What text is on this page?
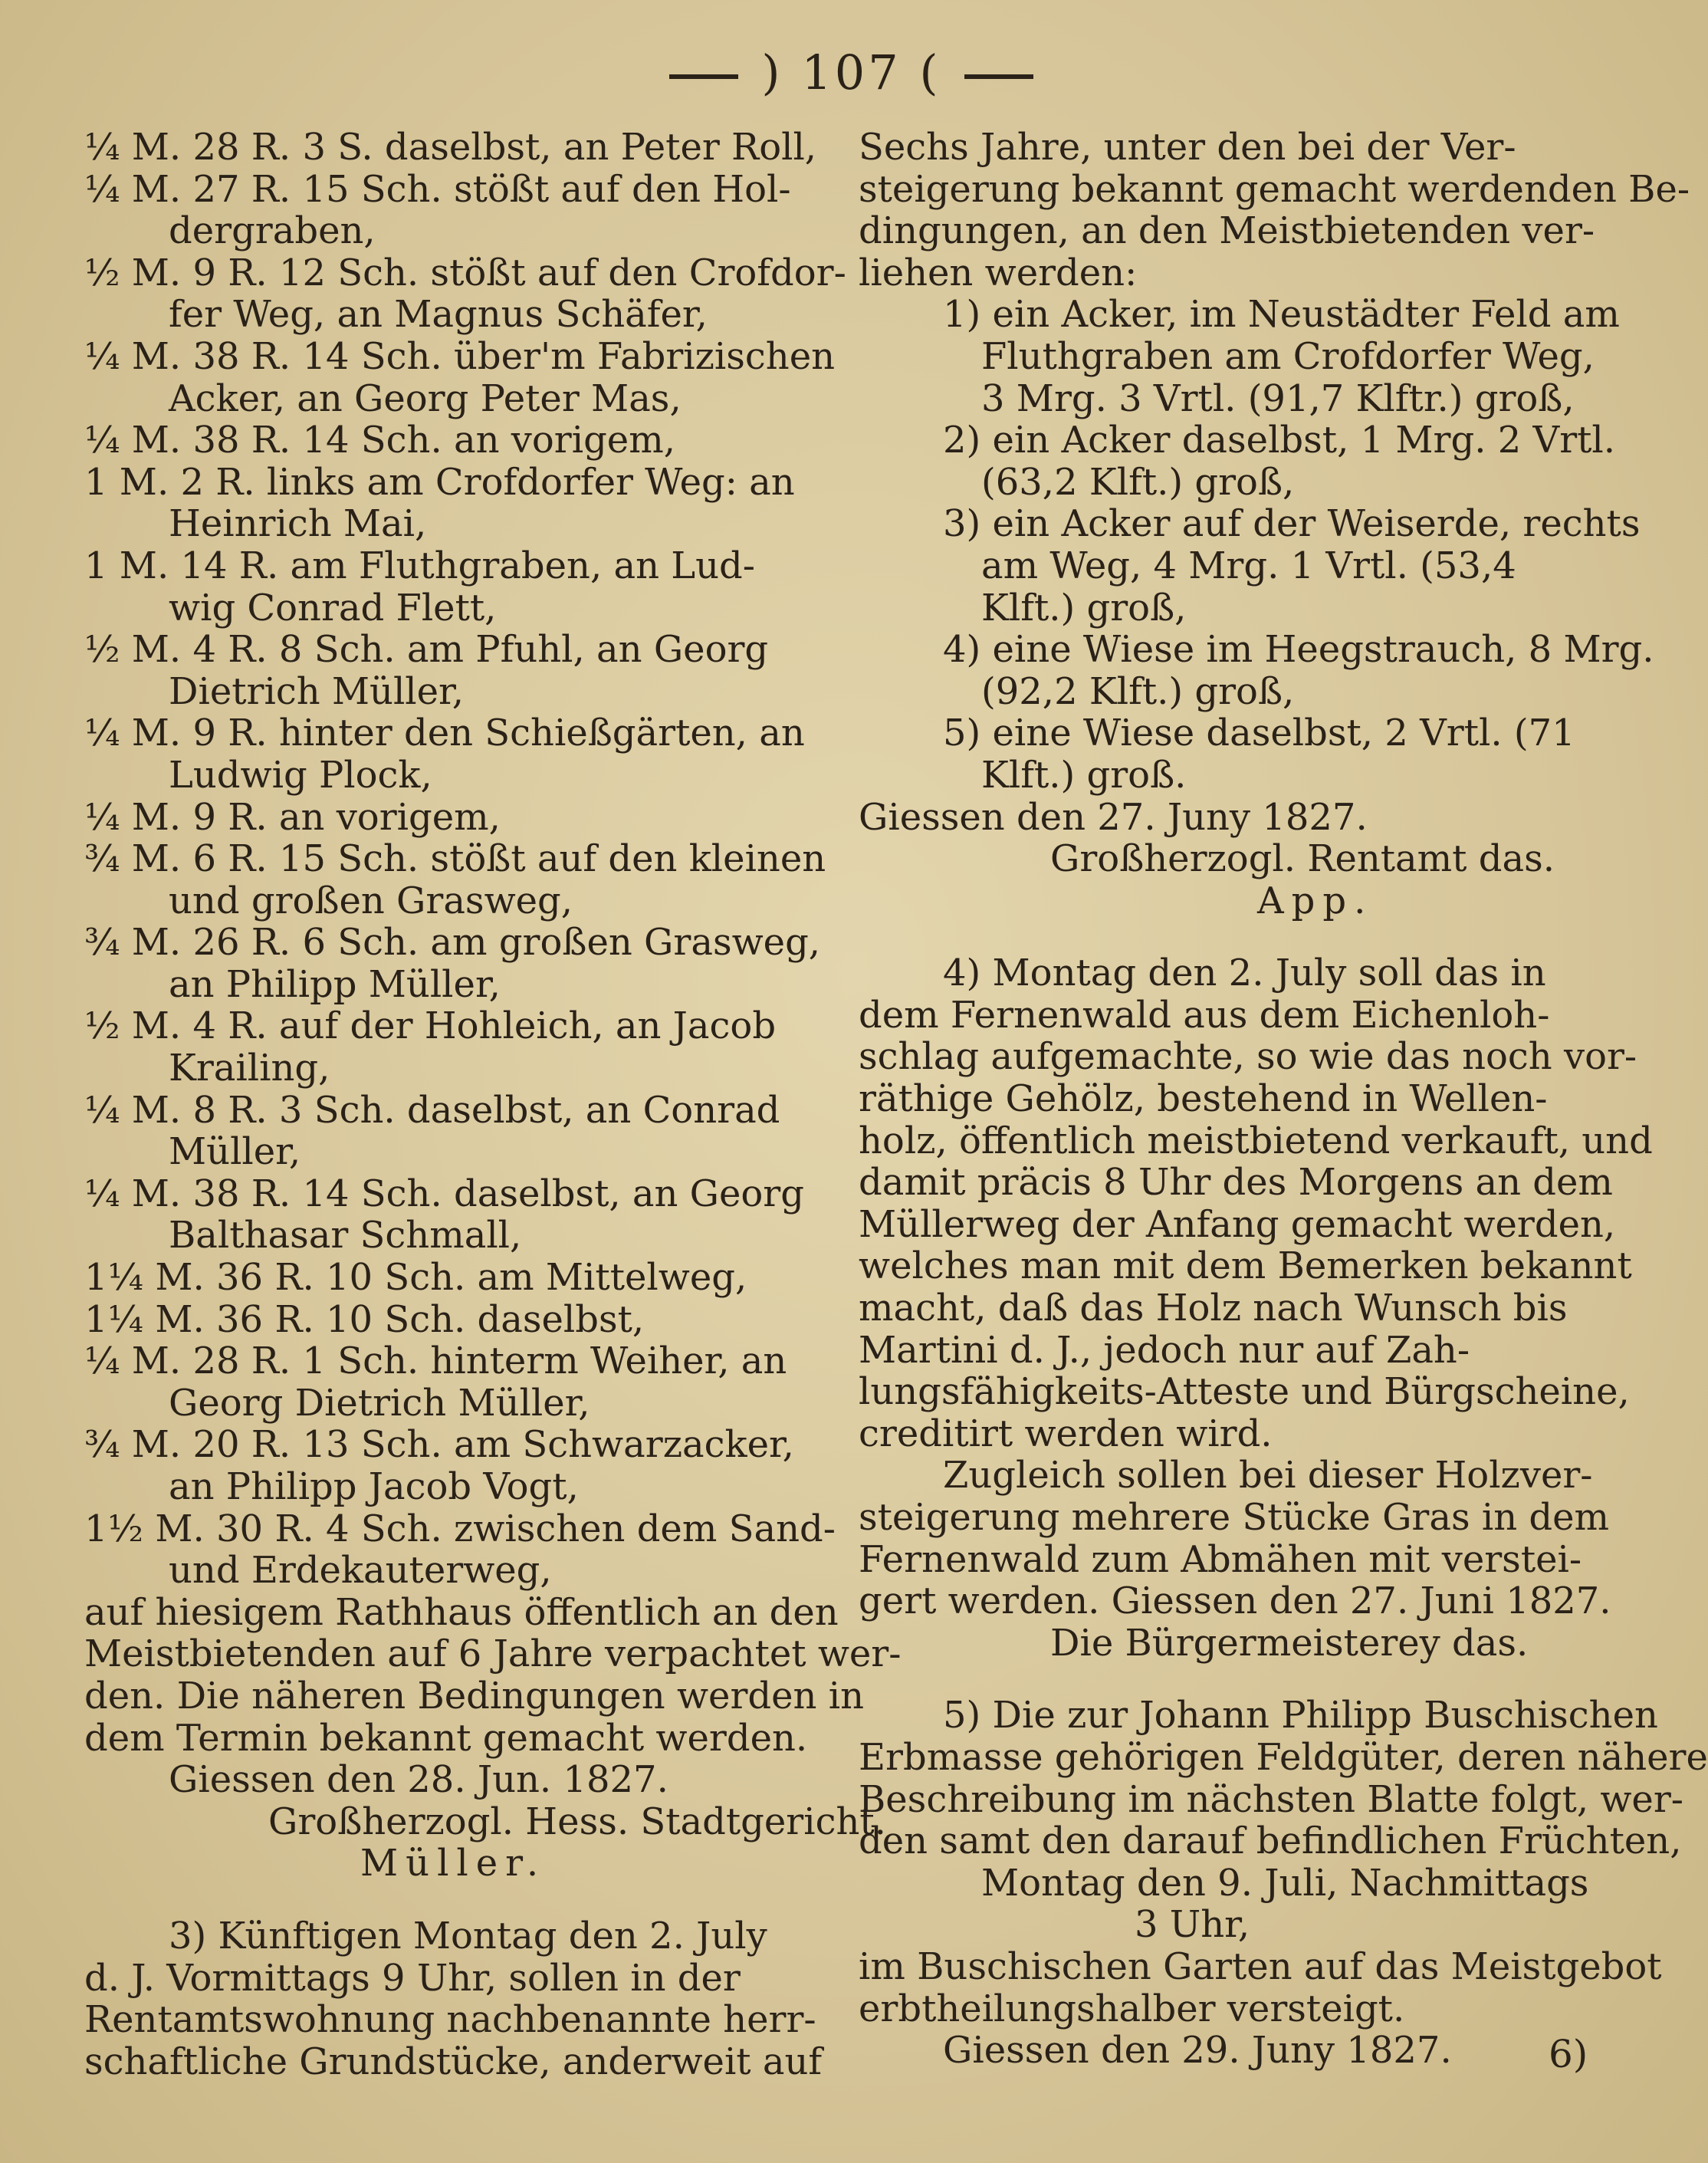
) 107 (
¼ M. 28 R. 3 S. daselbst, an Peter Roll,
¼ M. 27 R. 15 Sch. stößt auf den Hol-
dergraben,
½ M. 9 R. 12 Sch. stößt auf den Crofdor-
fer Weg, an Magnus Schäfer,
¼ M. 38 R. 14 Sch. über'm Fabrizischen
Acker, an Georg Peter Mas,
¼ M. 38 R. 14 Sch. an vorigem,
1 M. 2 R. links am Crofdorfer Weg: an
Heinrich Mai,
1 M. 14 R. am Fluthgraben, an Lud-
wig Conrad Flett,
½ M. 4 R. 8 Sch. am Pfuhl, an Georg
Dietrich Müller,
¼ M. 9 R. hinter den Schießgärten, an
Ludwig Plock,
¼ M. 9 R. an vorigem,
¾ M. 6 R. 15 Sch. stößt auf den kleinen
und großen Grasweg,
¾ M. 26 R. 6 Sch. am großen Grasweg,
an Philipp Müller,
½ M. 4 R. auf der Hohleich, an Jacob
Krailing,
¼ M. 8 R. 3 Sch. daselbst, an Conrad
Müller,
¼ M. 38 R. 14 Sch. daselbst, an Georg
Balthasar Schmall,
1¼ M. 36 R. 10 Sch. am Mittelweg,
1¼ M. 36 R. 10 Sch. daselbst,
¼ M. 28 R. 1 Sch. hinterm Weiher, an
Georg Dietrich Müller,
¾ M. 20 R. 13 Sch. am Schwarzacker,
an Philipp Jacob Vogt,
1½ M. 30 R. 4 Sch. zwischen dem Sand-
und Erdekauterweg,
auf hiesigem Rathhaus öffentlich an den
Meistbietenden auf 6 Jahre verpachtet wer-
den. Die näheren Bedingungen werden in
dem Termin bekannt gemacht werden.
Giessen den 28. Jun. 1827.
Großherzogl. Hess. Stadtgericht.
Müller.
3) Künftigen Montag den 2. July
d. J. Vormittags 9 Uhr, sollen in der
Rentamtswohnung nachbenannte herr-
schaftliche Grundstücke, anderweit auf
Sechs Jahre, unter den bei der Ver-
steigerung bekannt gemacht werdenden Be-
dingungen, an den Meistbietenden ver-
liehen werden:
1) ein Acker, im Neustädter Feld am
Fluthgraben am Crofdorfer Weg,
3 Mrg. 3 Vrtl. (91,7 Klftr.) groß,
2) ein Acker daselbst, 1 Mrg. 2 Vrtl.
(63,2 Klft.) groß,
3) ein Acker auf der Weiserde, rechts
am Weg, 4 Mrg. 1 Vrtl. (53,4
Klft.) groß,
4) eine Wiese im Heegstrauch, 8 Mrg.
(92,2 Klft.) groß,
5) eine Wiese daselbst, 2 Vrtl. (71
Klft.) groß.
Giessen den 27. Juny 1827.
Großherzogl. Rentamt das.
App.
4) Montag den 2. July soll das in
dem Fernenwald aus dem Eichenloh-
schlag aufgemachte, so wie das noch vor-
räthige Gehölz, bestehend in Wellen-
holz, öffentlich meistbietend verkauft, und
damit präcis 8 Uhr des Morgens an dem
Müllerweg der Anfang gemacht werden,
welches man mit dem Bemerken bekannt
macht, daß das Holz nach Wunsch bis
Martini d. J., jedoch nur auf Zah-
lungsfähigkeits-Atteste und Bürgscheine,
creditirt werden wird.
Zugleich sollen bei dieser Holzver-
steigerung mehrere Stücke Gras in dem
Fernenwald zum Abmähen mit verstei-
gert werden. Giessen den 27. Juni 1827.
Die Bürgermeisterey das.
5) Die zur Johann Philipp Buschischen
Erbmasse gehörigen Feldgüter, deren nähere
Beschreibung im nächsten Blatte folgt, wer-
den samt den darauf befindlichen Früchten,
Montag den 9. Juli, Nachmittags
3 Uhr,
im Buschischen Garten auf das Meistgebot
erbtheilungshalber versteigt.
Giessen den 29. Juny 1827.	6)
